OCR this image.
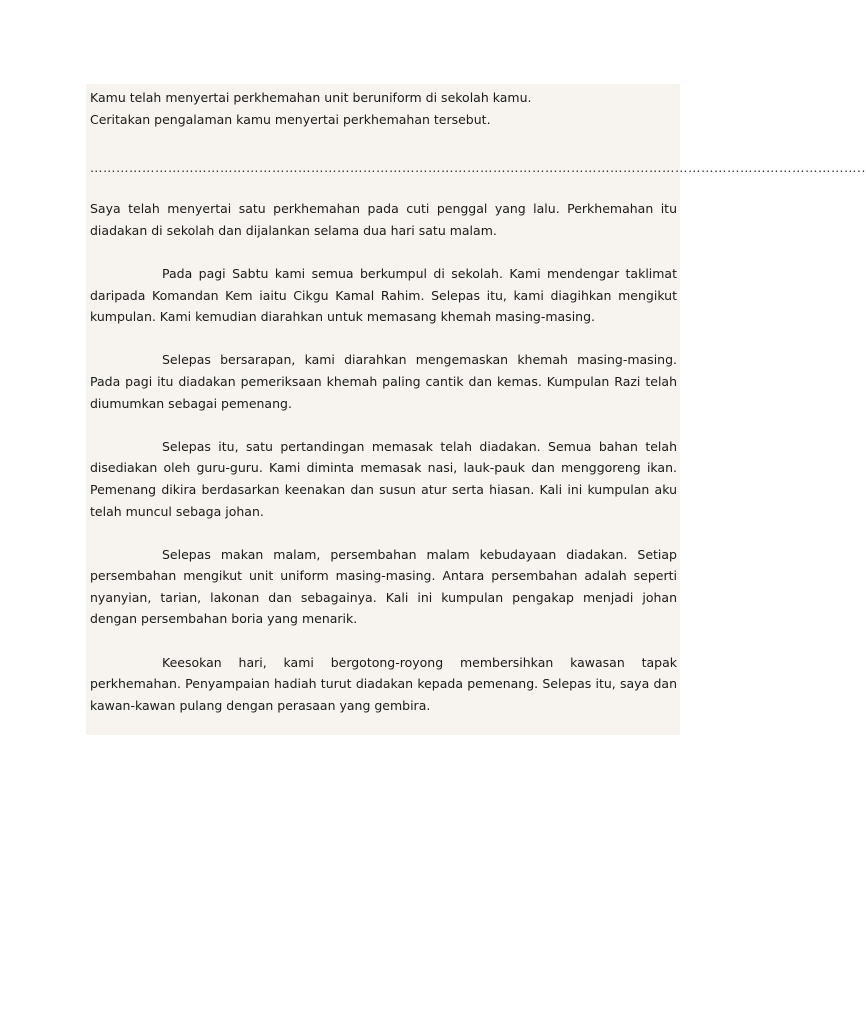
Kamu telah menyertai perkhemahan unit beruniform di sekolah kamu.

Ceritakan pengalaman kamu menyertai perkhemahan tersebut.

……………………………………………………………………………………………………………………………………………………………..

Saya telah menyertai satu perkhemahan pada cuti penggal yang lalu. Perkhemahan itu diadakan di sekolah dan dijalankan selama dua hari satu malam.

Pada pagi Sabtu kami semua berkumpul di sekolah. Kami mendengar taklimat daripada Komandan Kem iaitu Cikgu Kamal Rahim. Selepas itu, kami diagihkan mengikut kumpulan. Kami kemudian diarahkan untuk memasang khemah masing-masing.

Selepas bersarapan, kami diarahkan mengemaskan khemah masing-masing. Pada pagi itu diadakan pemeriksaan khemah paling cantik dan kemas. Kumpulan Razi telah diumumkan sebagai pemenang.

Selepas itu, satu pertandingan memasak telah diadakan. Semua bahan telah disediakan oleh guru-guru. Kami diminta memasak nasi, lauk-pauk dan menggoreng ikan. Pemenang dikira berdasarkan keenakan dan susun atur serta hiasan. Kali ini kumpulan aku telah muncul sebaga johan.

Selepas makan malam, persembahan malam kebudayaan diadakan. Setiap persembahan mengikut unit uniform masing-masing. Antara persembahan adalah seperti nyanyian, tarian, lakonan dan sebagainya. Kali ini kumpulan pengakap menjadi johan dengan persembahan boria yang menarik.

Keesokan hari, kami bergotong-royong membersihkan kawasan tapak perkhemahan. Penyampaian hadiah turut diadakan kepada pemenang. Selepas itu, saya dan kawan-kawan pulang dengan perasaan yang gembira.
